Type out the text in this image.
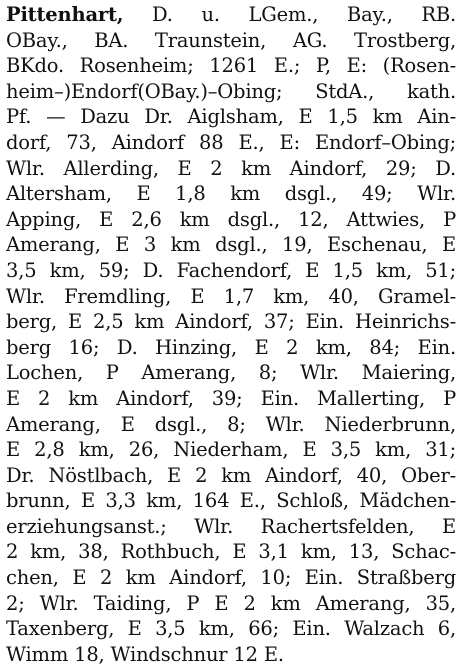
Pittenhart, D. u. LGem., Bay., RB.
OBay., BA. Traunstein, AG. Trostberg,
BKdo. Rosenheim; 1261 E.; P, E: (Rosen-
heim–)Endorf(OBay.)–Obing; StdA., kath.
Pf. — Dazu Dr. Aiglsham, E 1,5 km Ain-
dorf, 73, Aindorf 88 E., E: Endorf–Obing;
Wlr. Allerding, E 2 km Aindorf, 29; D.
Altersham, E 1,8 km dsgl., 49; Wlr.
Apping, E 2,6 km dsgl., 12, Attwies, P
Amerang, E 3 km dsgl., 19, Eschenau, E
3,5 km, 59; D. Fachendorf, E 1,5 km, 51;
Wlr. Fremdling, E 1,7 km, 40, Gramel-
berg, E 2,5 km Aindorf, 37; Ein. Heinrichs-
berg 16; D. Hinzing, E 2 km, 84; Ein.
Lochen, P Amerang, 8; Wlr. Maiering,
E 2 km Aindorf, 39; Ein. Mallerting, P
Amerang, E dsgl., 8; Wlr. Niederbrunn,
E 2,8 km, 26, Niederham, E 3,5 km, 31;
Dr. Nöstlbach, E 2 km Aindorf, 40, Ober-
brunn, E 3,3 km, 164 E., Schloß, Mädchen-
erziehungsanst.; Wlr. Rachertsfelden, E
2 km, 38, Rothbuch, E 3,1 km, 13, Schac-
chen, E 2 km Aindorf, 10; Ein. Straßberg
2; Wlr. Taiding, P E 2 km Amerang, 35,
Taxenberg, E 3,5 km, 66; Ein. Walzach 6,
Wimm 18, Windschnur 12 E.
